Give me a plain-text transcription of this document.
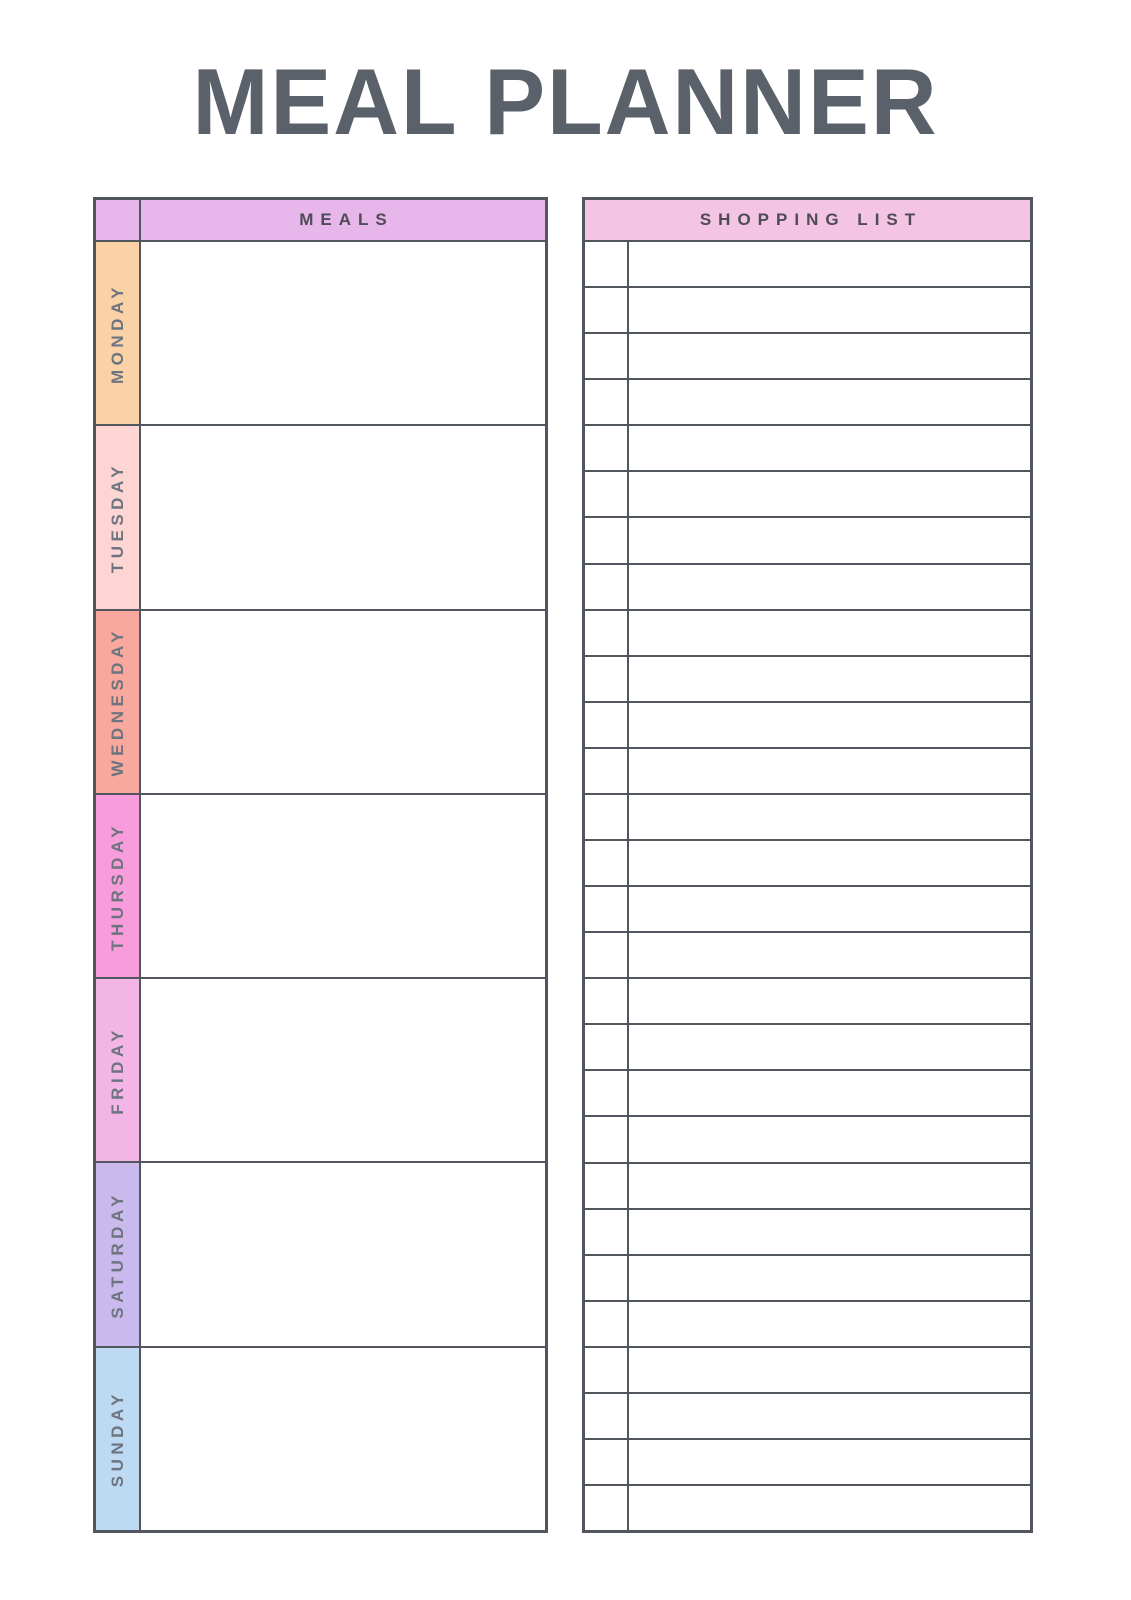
MEAL PLANNER
MEALS
MONDAY
TUESDAY
WEDNESDAY
THURSDAY
FRIDAY
SATURDAY
SUNDAY
SHOPPING LIST
